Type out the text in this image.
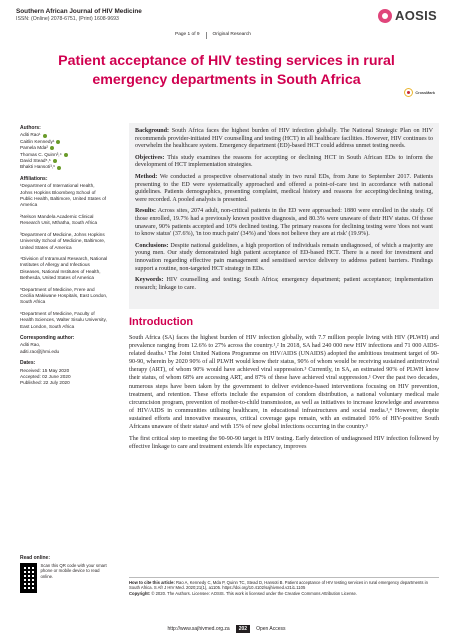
Southern African Journal of HIV Medicine
ISSN: (Online) 2078-6751, (Print) 1608-9693	AOSIS
Page 1 of 9	Original Research
Patient acceptance of HIV testing services in rural emergency departments in South Africa
CrossMark
Authors:
Aditi Rao¹
Caitlin Kennedy¹
Pamela Mda²
Thomas C. Quinn³,⁴
David Stead⁵,⁶
Bhakti Hansoti³,⁶
Affiliations:
¹Department of International Health, Johns Hopkins Bloomberg School of Public Health, Baltimore, United States of America
²Nelson Mandela Academic Clinical Research Unit, Mthatha, South Africa
³Department of Medicine, Johns Hopkins University School of Medicine, Baltimore, United States of America
⁴Division of Intramural Research, National Institutes of Allergy and Infectious Diseases, National Institutes of Health, Bethesda, United States of America
⁵Department of Medicine, Frere and Cecilia Makiwane Hospitals, East London, South Africa
⁶Department of Medicine, Faculty of Health Sciences, Walter Sisulu University, East London, South Africa
Corresponding author:
Aditi Rao,
aditi.rao@jhmi.edu
Dates:
Received: 15 May 2020
Accepted: 02 June 2020
Published: 22 July 2020
Read online:
Scan this QR code with your smart phone or mobile device to read online.

Background: South Africa faces the highest burden of HIV infection globally. The National Strategic Plan on HIV recommends provider-initiated HIV counselling and testing (HCT) in all healthcare facilities. However, HIV continues to overwhelm the healthcare system. Emergency department (ED)-based HCT could address unmet testing needs.

Objectives: This study examines the reasons for accepting or declining HCT in South African EDs to inform the development of HCT implementation strategies.

Method: We conducted a prospective observational study in two rural EDs, from June to September 2017. Patients presenting to the ED were systematically approached and offered a point-of-care test in accordance with national guidelines. Patients demographics, presenting complaint, medical history and reasons for accepting/declining testing, were recorded. A pooled analysis is presented.

Results: Across sites, 2074 adult, non-critical patients in the ED were approached: 1880 were enrolled in the study. Of those enrolled, 19.7% had a previously known positive diagnosis, and 80.3% were unaware of their HIV status. Of those unaware, 90% patients accepted and 10% declined testing. The primary reasons for declining testing were 'does not want to know status' (37.6%), 'in too much pain' (34%) and 'does not believe they are at risk' (19.9%).

Conclusions: Despite national guidelines, a high proportion of individuals remain undiagnosed, of which a majority are young men. Our study demonstrated high patient acceptance of ED-based HCT. There is a need for investment and innovation regarding effective pain management and sensitised service delivery to address patient barriers. Findings support a routine, non-targeted HCT strategy in EDs.

Keywords: HIV counselling and testing; South Africa; emergency department; patient acceptance; implementation research; linkage to care.

Introduction

South Africa (SA) faces the highest burden of HIV infection globally, with 7.7 million people living with HIV (PLWH) and prevalence ranging from 12.6% to 27% across the country.¹,² In 2018, SA had 240 000 new HIV infections and 71 000 AIDS-related deaths.¹ The Joint United Nations Programme on HIV/AIDS (UNAIDS) adopted the ambitious treatment target of 90-90-90, wherein by 2020 90% of all PLWH would know their status, 90% of whom would be receiving sustained antiretroviral therapy (ART), of whom 90% would have achieved viral suppression.³ Currently, in SA, an estimated 90% of PLWH know their status, of whom 68% are accessing ART, and 87% of these have achieved viral suppression.¹ Over the past two decades, numerous steps have been taken by the government to deliver evidence-based interventions focusing on HIV prevention, treatment, and retention. These efforts include the expansion of condom distribution, a national voluntary medical male circumcision program, prevention of mother-to-child transmission, as well as initiatives to increase knowledge and awareness of HIV/AIDS in communities utilising healthcare, in educational infrastructures and social media.³,⁴ However, despite sustained efforts and innovative measures, critical coverage gaps remain, with an estimated 10% of HIV-positive South Africans unaware of their status¹ and with 15% of new global infections occurring in the country.⁵

The first critical step to meeting the 90-90-90 target is HIV testing. Early detection of undiagnosed HIV infection followed by effective linkage to care and treatment extends life expectancy, improves

How to cite this article: Rao A, Kennedy C, Mda P, Quinn TC, Stead D, Hansoti B. Patient acceptance of HIV testing services in rural emergency departments in South Africa. S Afr J HIV Med. 2020;21(1), a1105. https://doi.org/10.4102/sajhivmed.v21i1.1105
Copyright: © 2020. The Authors. Licensee: AOSIS. This work is licensed under the Creative Commons Attribution License.
http://www.sajhivmed.org.za	202	Open Access
